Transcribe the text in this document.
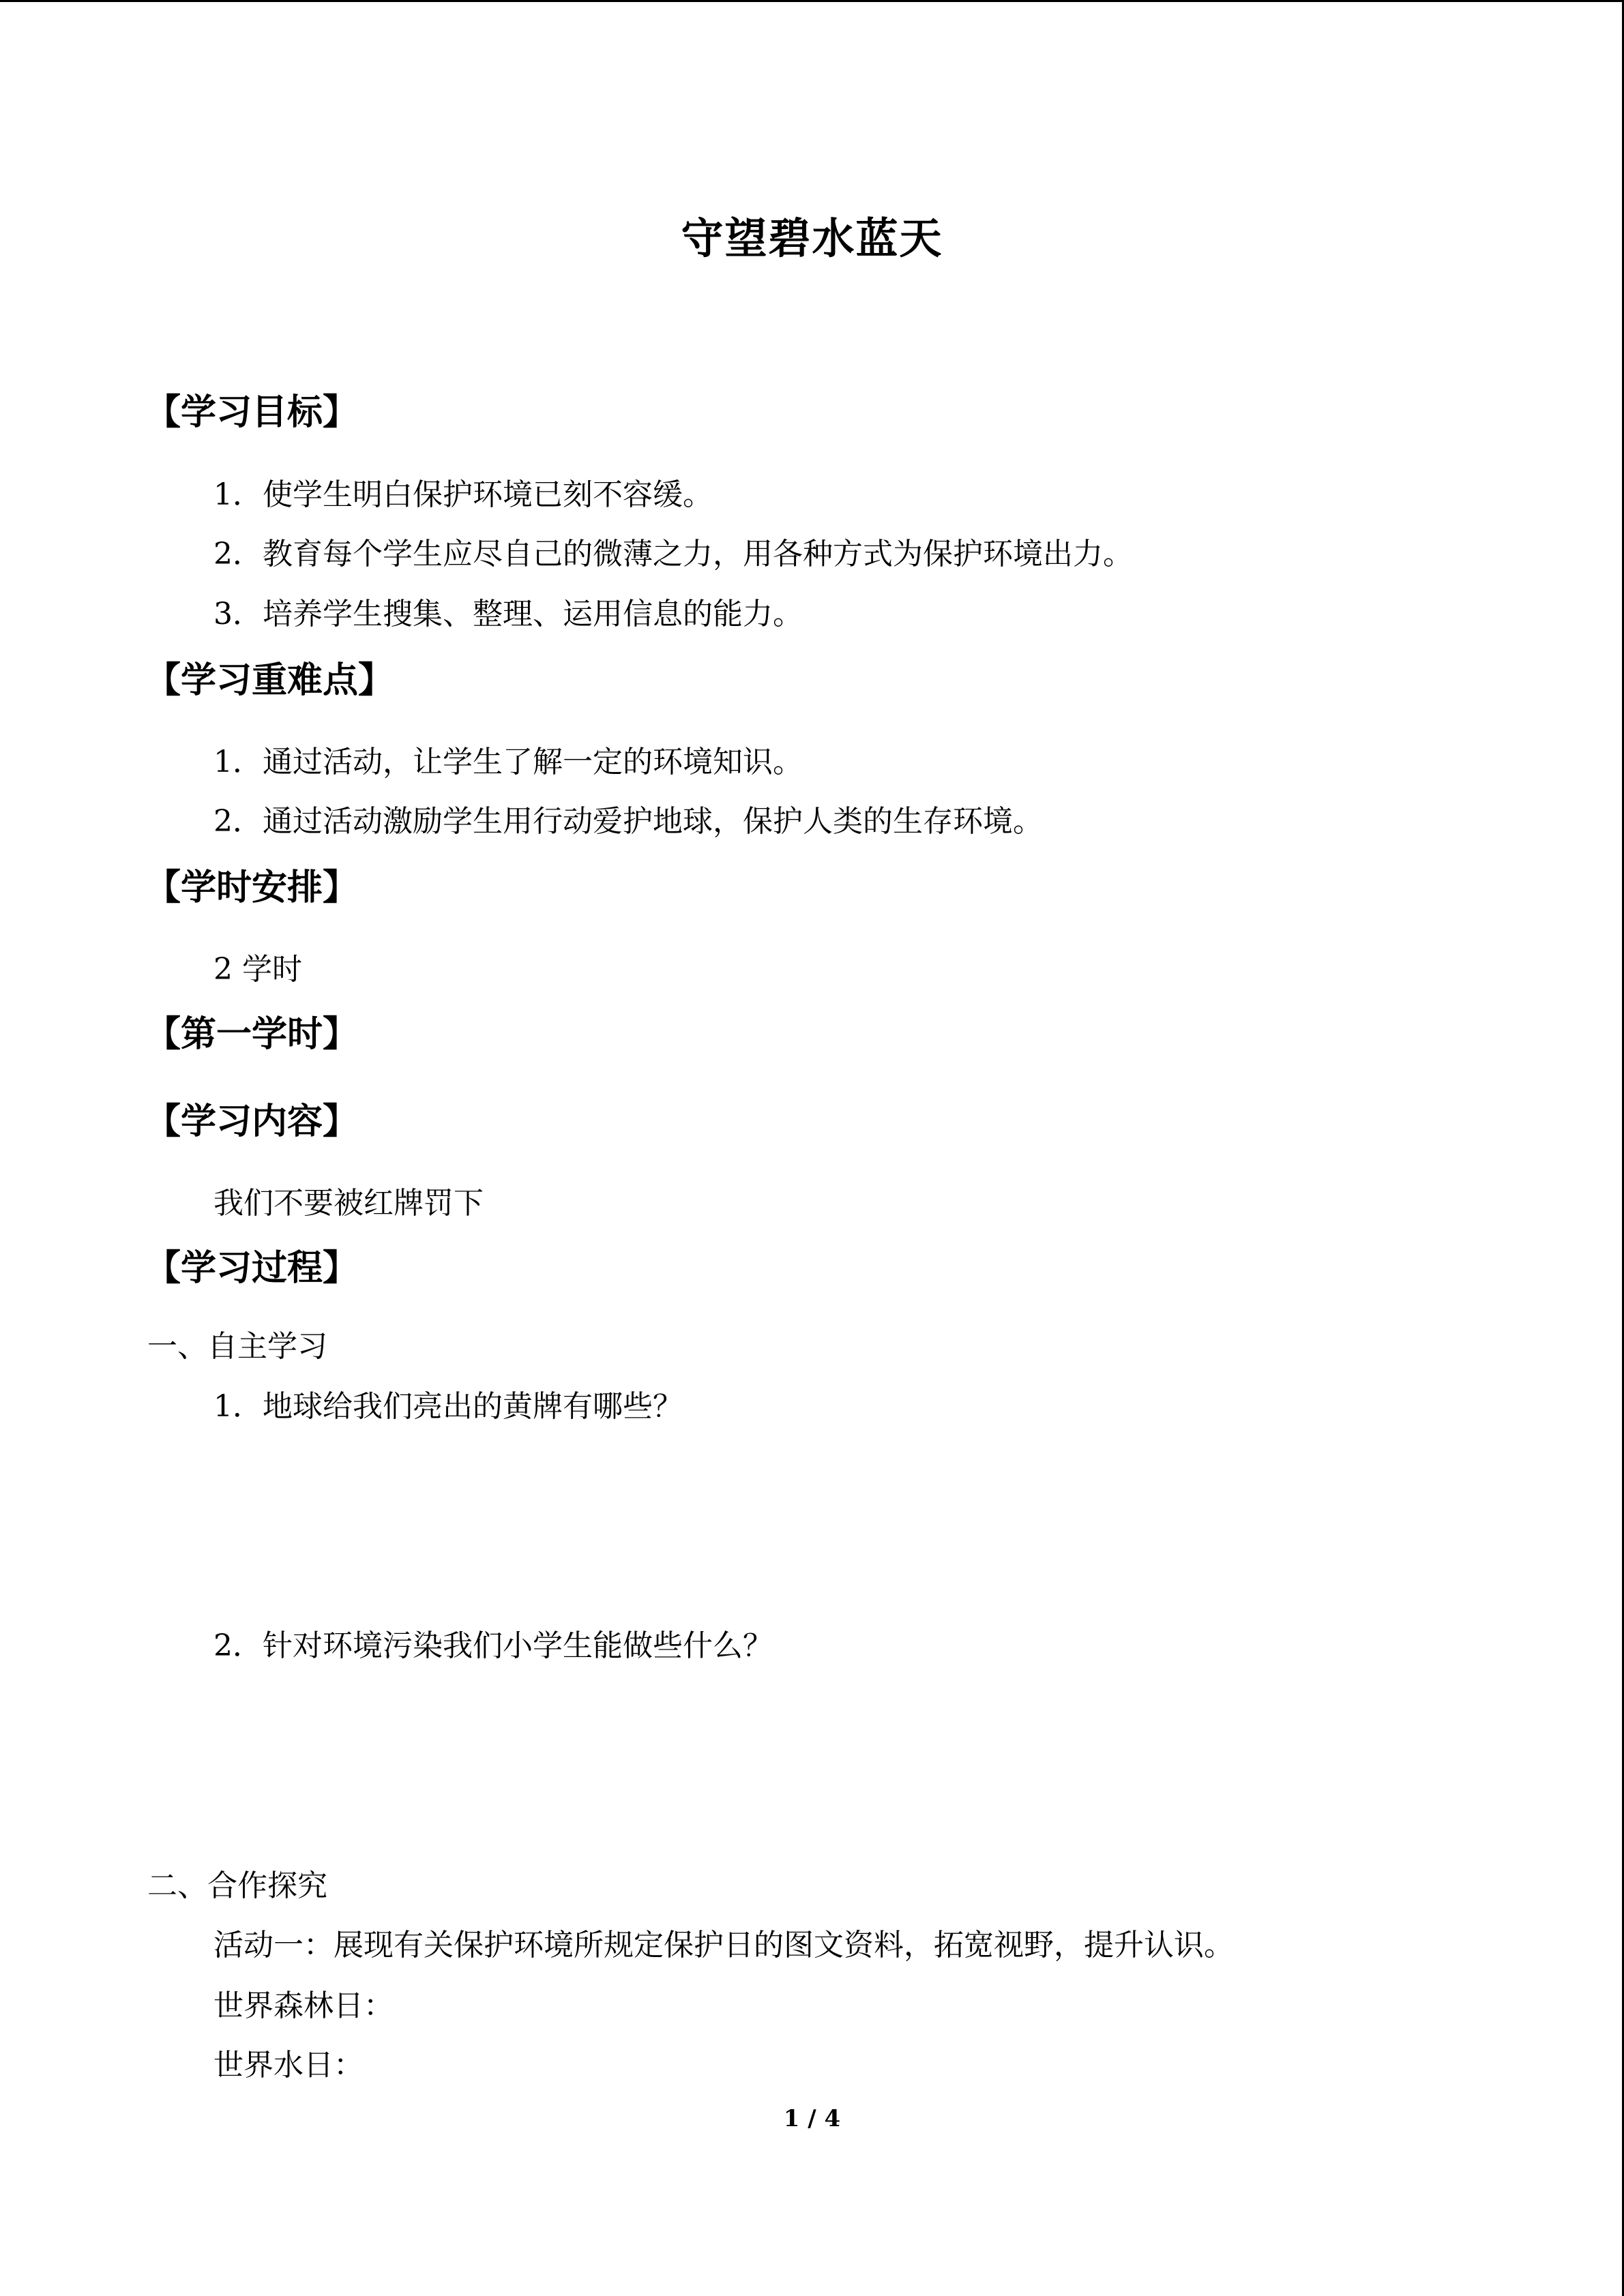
守望碧水蓝天
【学习目标】
1．使学生明白保护环境已刻不容缓。
2．教育每个学生应尽自己的微薄之力，用各种方式为保护环境出力。
3．培养学生搜集、整理、运用信息的能力。
【学习重难点】
1．通过活动，让学生了解一定的环境知识。
2．通过活动激励学生用行动爱护地球，保护人类的生存环境。
【学时安排】
2 学时
【第一学时】
【学习内容】
我们不要被红牌罚下
【学习过程】
一、自主学习
1．地球给我们亮出的黄牌有哪些？
2．针对环境污染我们小学生能做些什么？
二、合作探究
活动一：展现有关保护环境所规定保护日的图文资料，拓宽视野，提升认识。
世界森林日：
世界水日：
1 / 4
